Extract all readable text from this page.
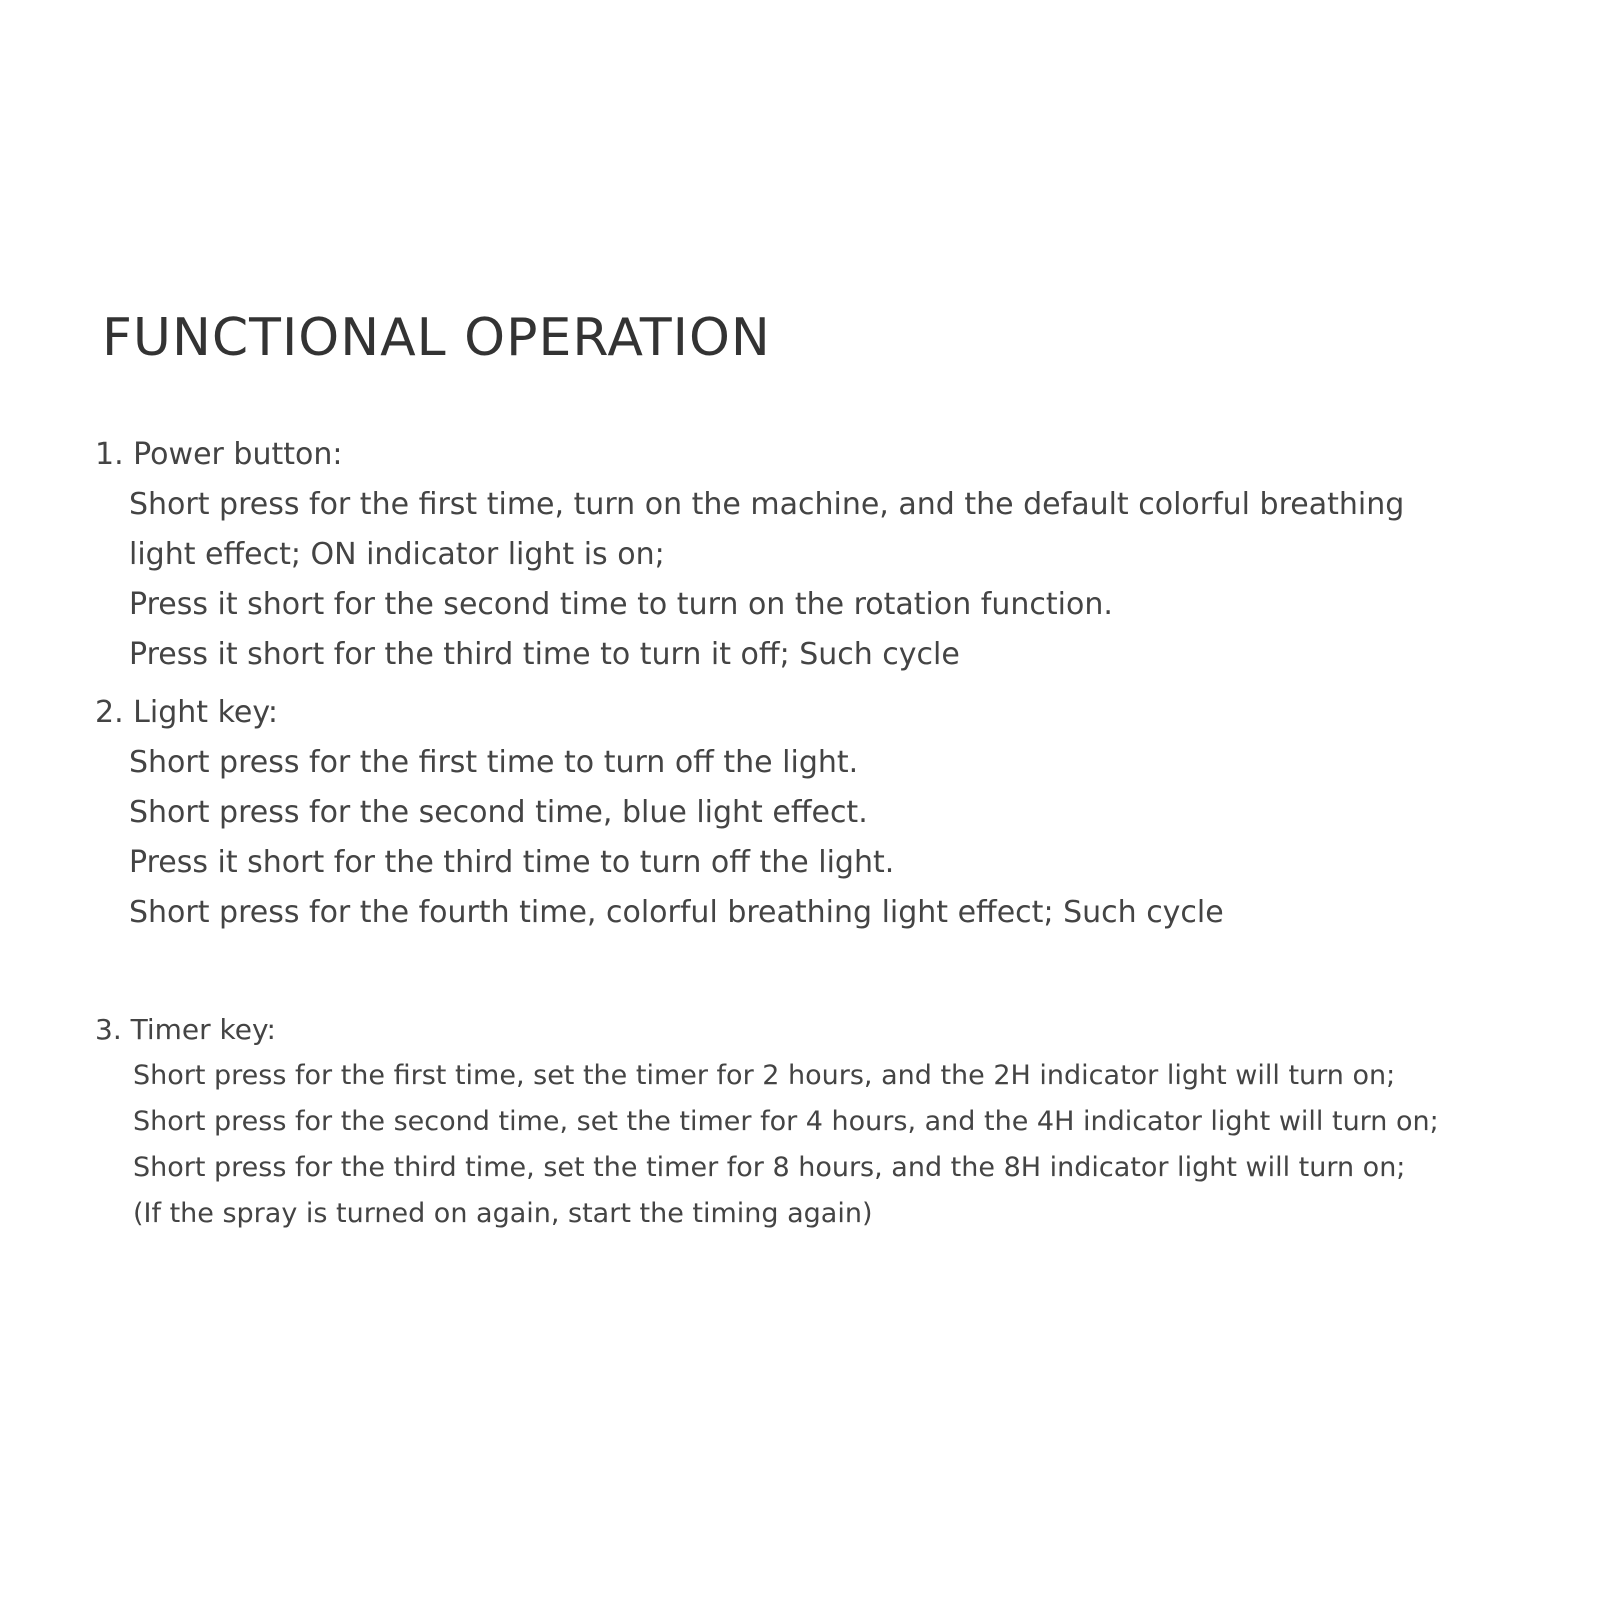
FUNCTIONAL OPERATION
1. Power button:
Short press for the first time, turn on the machine, and the default colorful breathing
light effect; ON indicator light is on;
Press it short for the second time to turn on the rotation function.
Press it short for the third time to turn it off; Such cycle
2. Light key:
Short press for the first time to turn off the light.
Short press for the second time, blue light effect.
Press it short for the third time to turn off the light.
Short press for the fourth time, colorful breathing light effect; Such cycle
3. Timer key:
Short press for the first time, set the timer for 2 hours, and the 2H indicator light will turn on;
Short press for the second time, set the timer for 4 hours, and the 4H indicator light will turn on;
Short press for the third time, set the timer for 8 hours, and the 8H indicator light will turn on;
(If the spray is turned on again, start the timing again)
